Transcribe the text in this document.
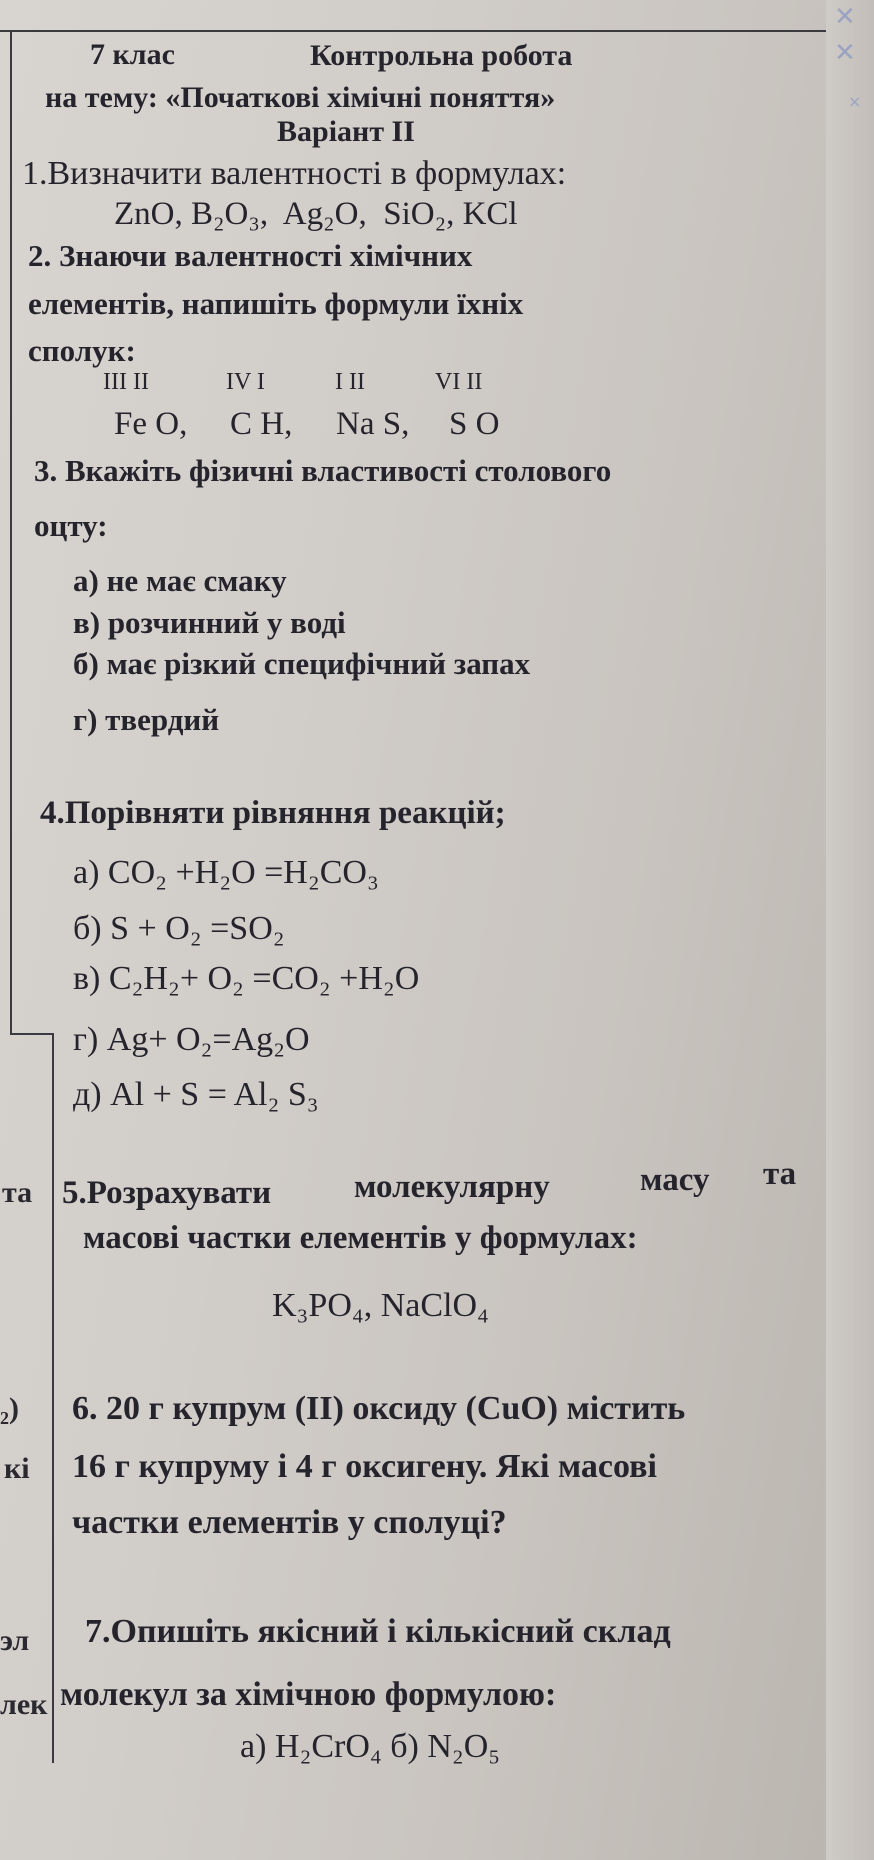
✕
✕
×
7 клас	Контрольна робота
на тему: «Початкові хімічні поняття»
Варіант ІІ
1.Визначити валентності в формулах:
ZnO, B₂O₃,  Ag₂O,  SiO₂, KCl
2. Знаючи валентності хімічних
елементів, напишіть формули їхніх
сполук:
III II	IV I	I II	VI II
Fe O, C H, Na S, S O
3. Вкажіть фізичні властивості столового
оцту:
а) не має смаку
в) розчинний у воді
б) має різкий специфічний запах
г) твердий
4.Порівняти рівняння реакцій;
а) CO₂ +H₂O =H₂CO₃
б) S + O₂ =SO₂
в) C₂H₂+ O₂ =CO₂ +H₂O
г) Ag+ O₂=Ag₂O
д) Al + S = Al₂ S₃
5.Розрахувати	молекулярну	масу та
масові частки елементів у формулах:
K₃PO₄, NaClO₄
6. 20 г купрум (ІІ) оксиду (CuO) містить
16 г купруму і 4 г оксигену. Які масові
частки елементів у сполуці?
7.Опишіть якісний і кількісний склад
молекул за хімічною формулою:
а) H₂CrO₄ б) N₂O₅
та
₂)
кі
эл
лек
